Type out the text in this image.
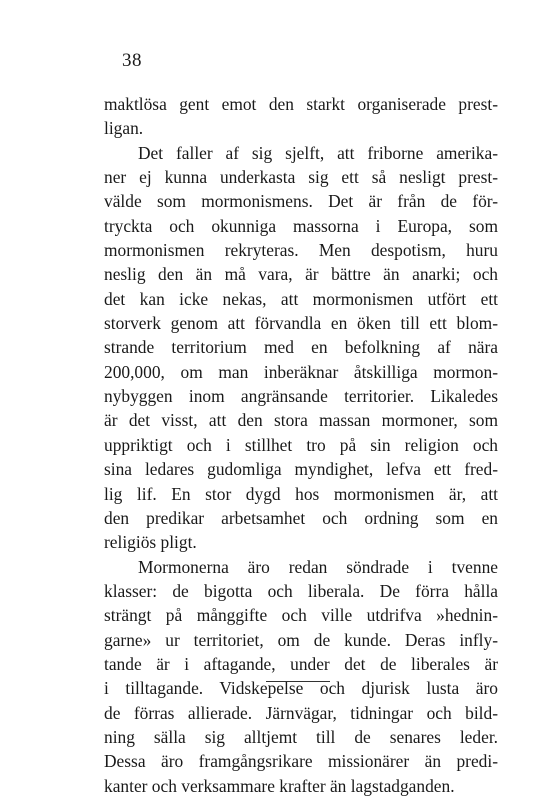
38
maktlösa gent emot den starkt organiserade prest-
ligan.
Det faller af sig sjelft, att friborne amerika-
ner ej kunna underkasta sig ett så nesligt prest-
välde som mormonismens. Det är från de för-
tryckta och okunniga massorna i Europa, som
mormonismen rekryteras. Men despotism, huru
neslig den än må vara, är bättre än anarki; och
det kan icke nekas, att mormonismen utfört ett
storverk genom att förvandla en öken till ett blom-
strande territorium med en befolkning af nära
200,000, om man inberäknar åtskilliga mormon-
nybyggen inom angränsande territorier. Likaledes
är det visst, att den stora massan mormoner, som
uppriktigt och i stillhet tro på sin religion och
sina ledares gudomliga myndighet, lefva ett fred-
lig lif. En stor dygd hos mormonismen är, att
den predikar arbetsamhet och ordning som en
religiös pligt.
Mormonerna äro redan söndrade i tvenne
klasser: de bigotta och liberala. De förra hålla
strängt på månggifte och ville utdrifva »hednin-
garne» ur territoriet, om de kunde. Deras infly-
tande är i aftagande, under det de liberales är
i tilltagande. Vidskepelse och djurisk lusta äro
de förras allierade. Järnvägar, tidningar och bild-
ning sälla sig alltjemt till de senares leder.
Dessa äro framgångsrikare missionärer än predi-
kanter och verksammare krafter än lagstadganden.
